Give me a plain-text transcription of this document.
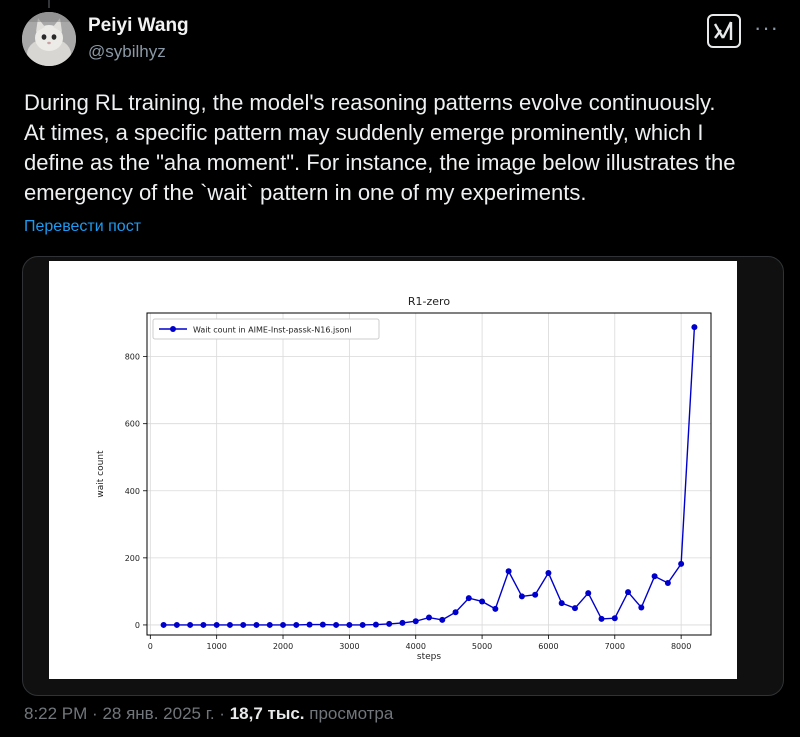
Peiyi Wang
@sybilhyz
···
During RL training, the model's reasoning patterns evolve continuously.
At times, a specific pattern may suddenly emerge prominently, which I
define as the "aha moment". For instance, the image below illustrates the
emergency of the `wait` pattern in one of my experiments.
Перевести пост
0	1000	2000	3000	4000	5000	6000	7000	8000
0
200
400
600
800
R1-zero
steps
wait count
Wait count in AIME-Inst-passk-N16.jsonl
8:22 PM · 28 янв. 2025 г. · 18,7 тыс. просмотра
